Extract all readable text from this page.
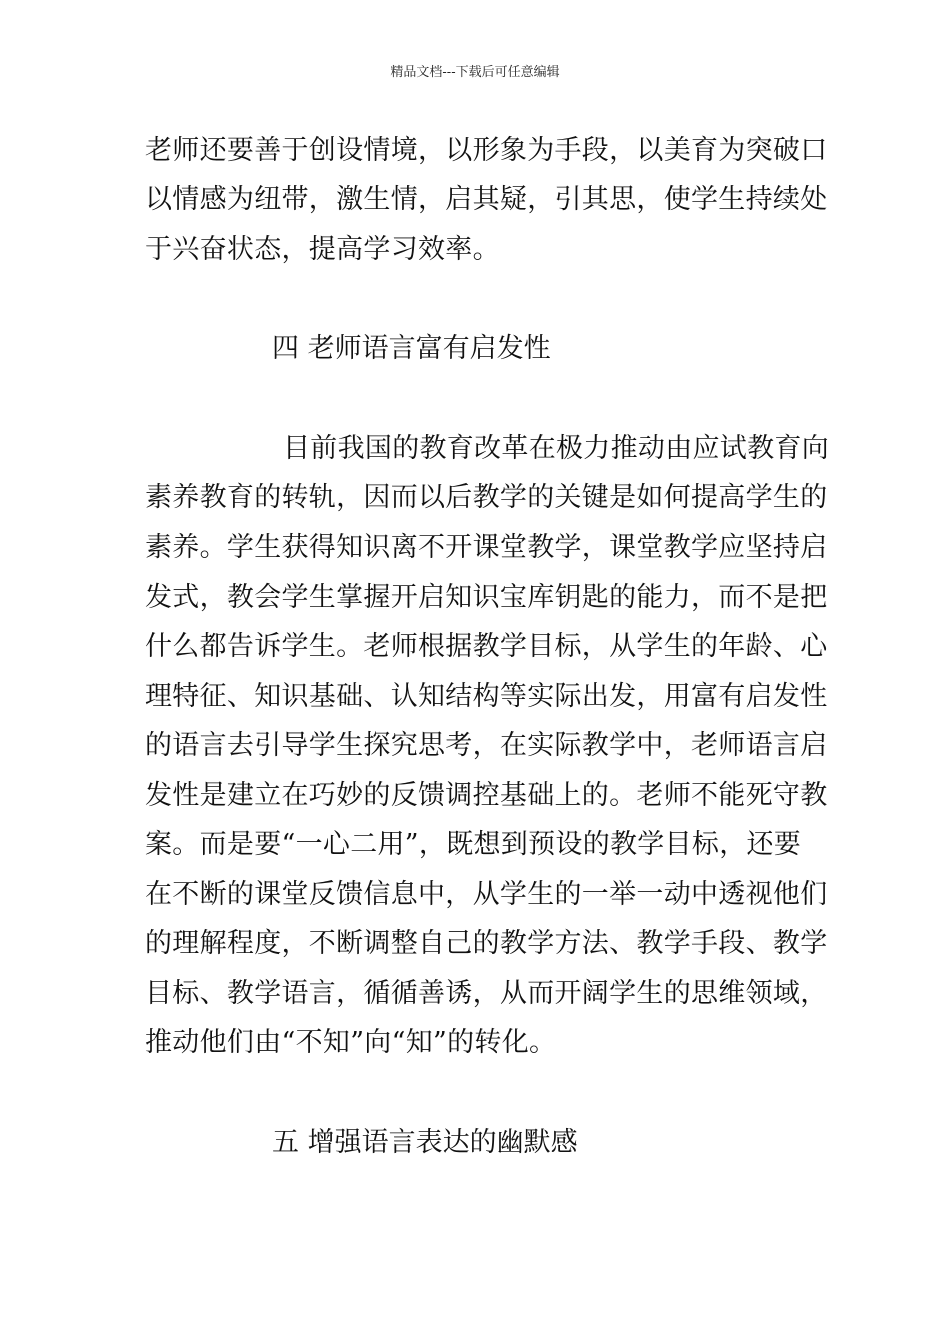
精品文档---下载后可任意编辑
老师还要善于创设情境，以形象为手段，以美育为突破口
以情感为纽带，激生情，启其疑，引其思，使学生持续处
于兴奋状态，提高学习效率。
四 老师语言富有启发性
目前我国的教育改革在极力推动由应试教育向
素养教育的转轨，因而以后教学的关键是如何提高学生的
素养。学生获得知识离不开课堂教学，课堂教学应坚持启
发式，教会学生掌握开启知识宝库钥匙的能力，而不是把
什么都告诉学生。老师根据教学目标，从学生的年龄、心
理特征、知识基础、认知结构等实际出发，用富有启发性
的语言去引导学生探究思考，在实际教学中，老师语言启
发性是建立在巧妙的反馈调控基础上的。老师不能死守教
案。而是要“一心二用”，既想到预设的教学目标，还要
在不断的课堂反馈信息中，从学生的一举一动中透视他们
的理解程度，不断调整自己的教学方法、教学手段、教学
目标、教学语言，循循善诱，从而开阔学生的思维领域，
推动他们由“不知”向“知”的转化。
五 增强语言表达的幽默感
